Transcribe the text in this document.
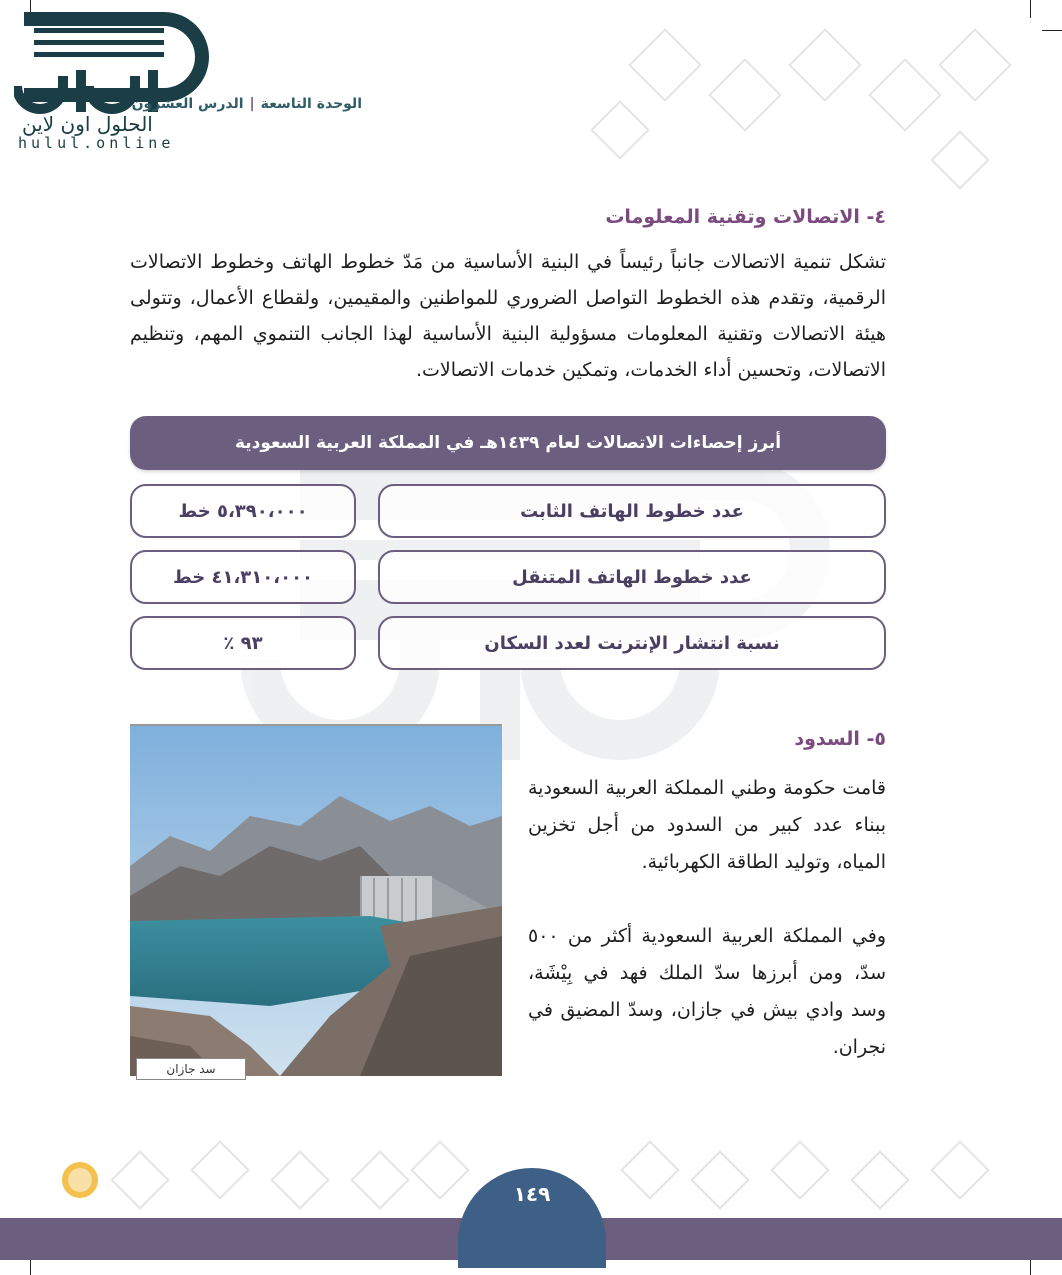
الحلول اون لاين
hulul.online
الوحدة التاسعة|الدرس العشرون
٤- الاتصالات وتقنية المعلومات
تشكل تنمية الاتصالات جانباً رئيساً في البنية الأساسية من مَدّ خطوط الهاتف وخطوط الاتصالات الرقمية، وتقدم هذه الخطوط التواصل الضروري للمواطنين والمقيمين، ولقطاع الأعمال، وتتولى هيئة الاتصالات وتقنية المعلومات مسؤولية البنية الأساسية لهذا الجانب التنموي المهم، وتنظيم الاتصالات، وتحسين أداء الخدمات، وتمكين خدمات الاتصالات.
أبرز إحصاءات الاتصالات لعام ١٤٣٩هـ في المملكة العربية السعودية
عدد خطوط الهاتف الثابت
٥،٣٩٠،٠٠٠ خط
عدد خطوط الهاتف المتنقل
٤١،٣١٠،٠٠٠ خط
نسبة انتشار الإنترنت لعدد السكان
٩٣ ٪
٥- السدود
قامت حكومة وطني المملكة العربية السعودية ببناء عدد كبير من السدود من أجل تخزين المياه، وتوليد الطاقة الكهربائية.
وفي المملكة العربية السعودية أكثر من ٥٠٠ سدّ، ومن أبرزها سدّ الملك فهد في بِيْشَة، وسد وادي بيش في جازان، وسدّ المضيق في نجران.
سد جازان
١٤٩
